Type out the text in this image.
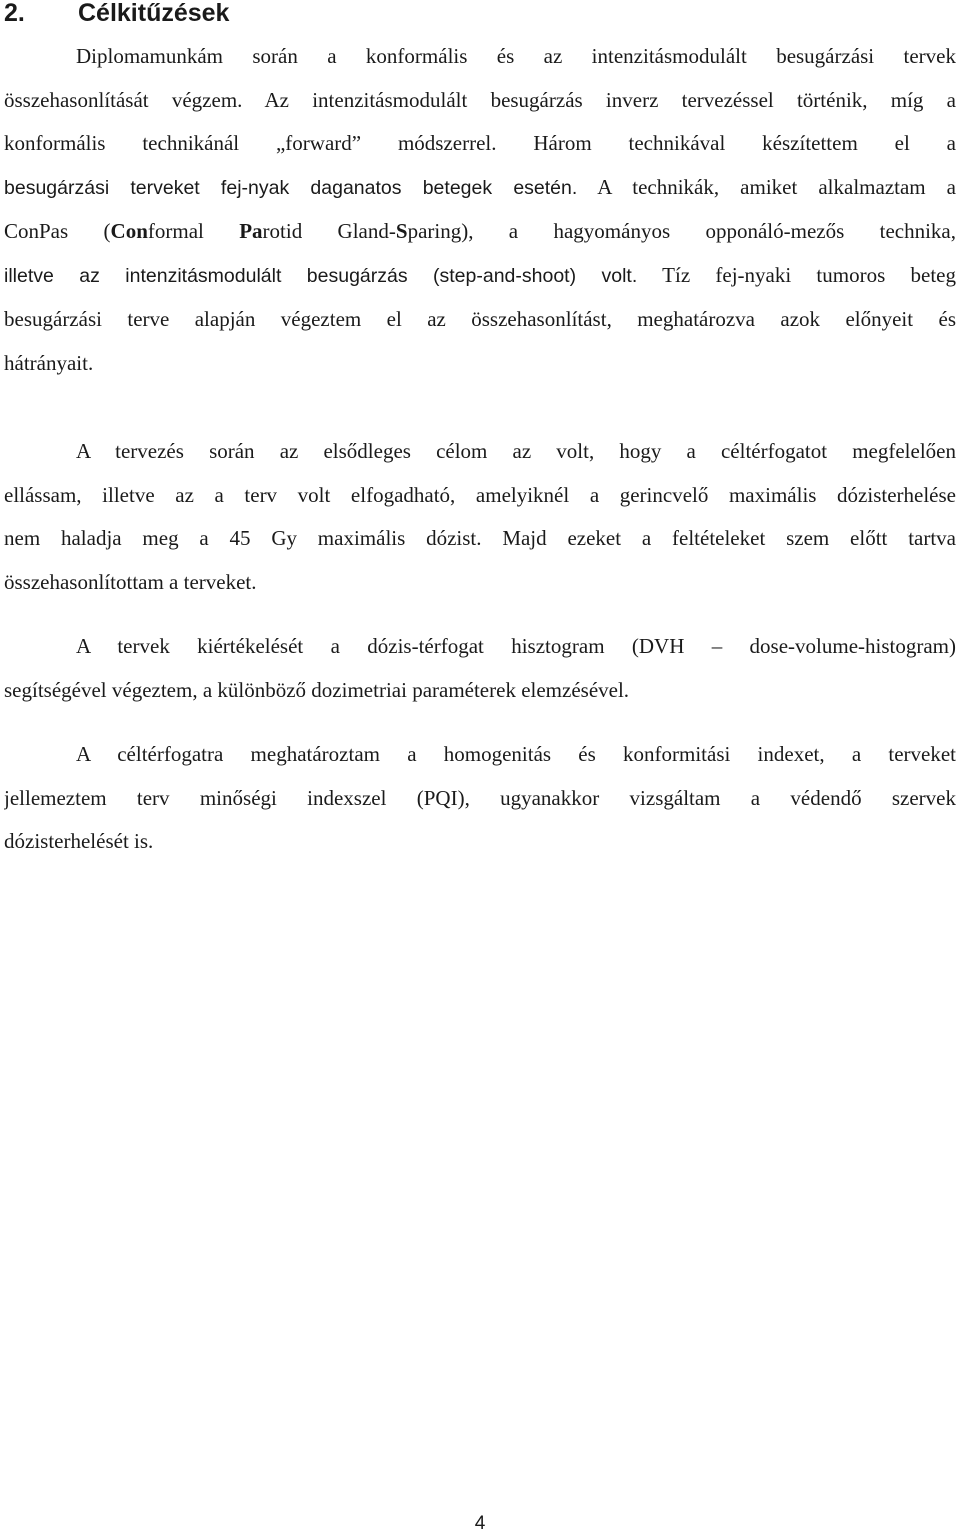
2. Célkitűzések

Diplomamunkám során a konformális és az intenzitásmodulált besugárzási tervek
összehasonlítását végzem. Az intenzitásmodulált besugárzás inverz tervezéssel történik, míg a
konformális technikánál „forward” módszerrel. Három technikával készítettem el a
besugárzási terveket fej-nyak daganatos betegek esetén. A technikák, amiket alkalmaztam a
ConPas (Conformal Parotid Gland-Sparing), a hagyományos opponáló-mezős technika,
illetve az intenzitásmodulált besugárzás (step-and-shoot) volt. Tíz fej-nyaki tumoros beteg
besugárzási terve alapján végeztem el az összehasonlítást, meghatározva azok előnyeit és
hátrányait.

A tervezés során az elsődleges célom az volt, hogy a céltérfogatot megfelelően
ellássam, illetve az a terv volt elfogadható, amelyiknél a gerincvelő maximális dózisterhelése
nem haladja meg a 45 Gy maximális dózist. Majd ezeket a feltételeket szem előtt tartva
összehasonlítottam a terveket.

A tervek kiértékelését a dózis-térfogat hisztogram (DVH – dose-volume-histogram)
segítségével végeztem, a különböző dozimetriai paraméterek elemzésével.

A céltérfogatra meghatároztam a homogenitás és konformitási indexet, a terveket
jellemeztem terv minőségi indexszel (PQI), ugyanakkor vizsgáltam a védendő szervek
dózisterhelését is.

4
